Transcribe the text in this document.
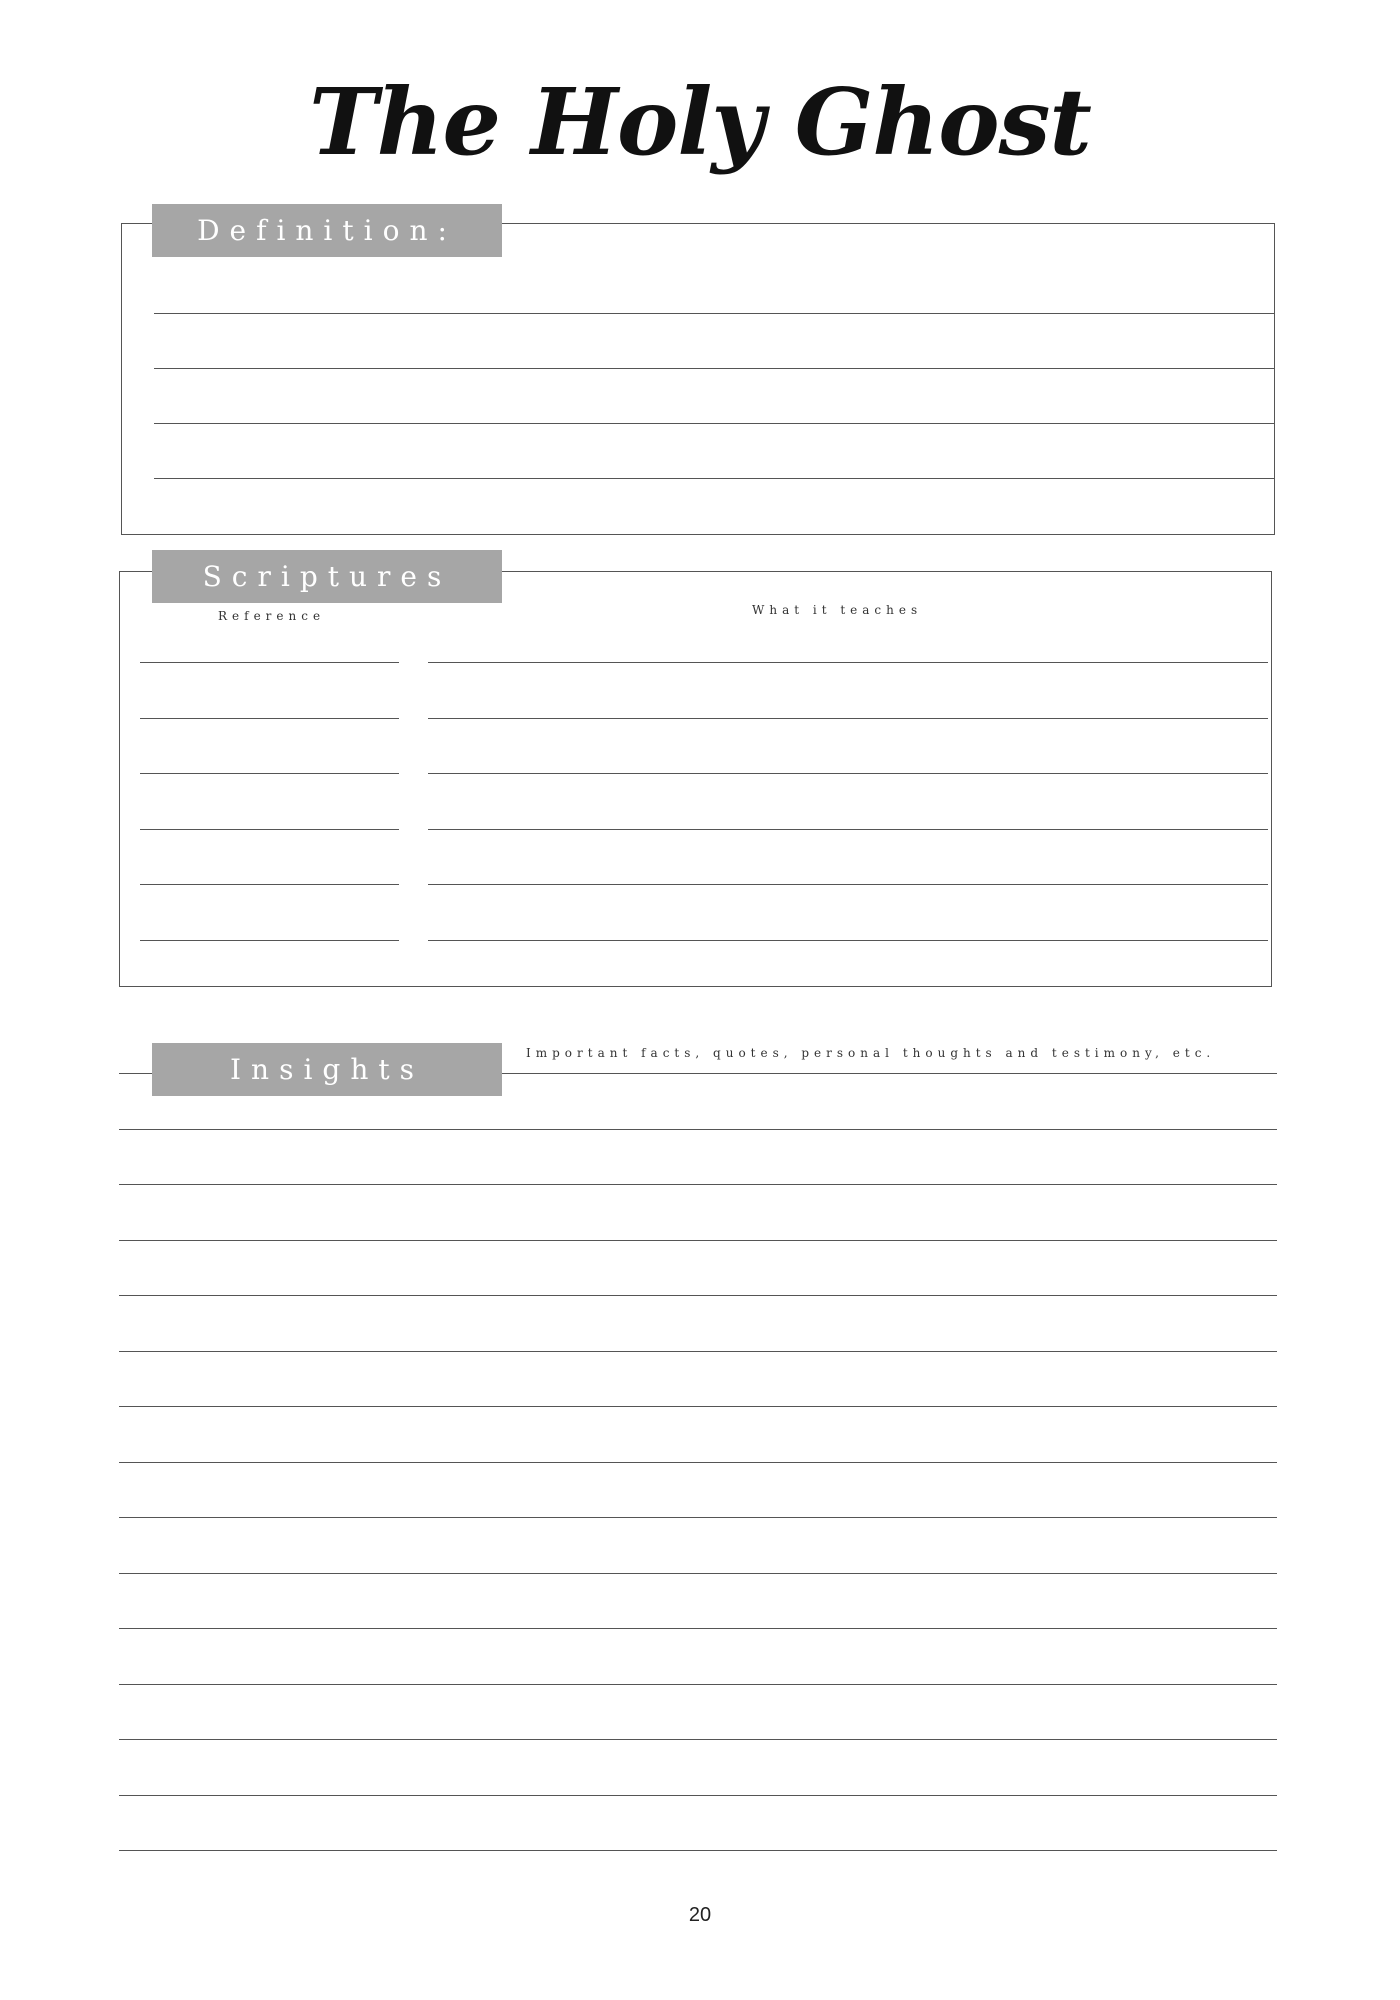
The Holy Ghost
Definition:
Scriptures
Reference	What it teaches
Insights	Important facts, quotes, personal thoughts and testimony, etc.
20
